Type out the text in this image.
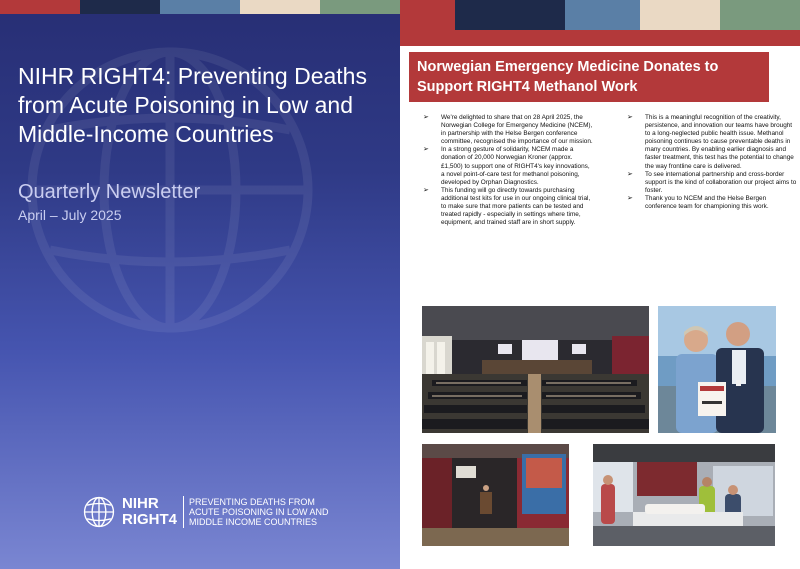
NIHR RIGHT4: Preventing Deaths from Acute Poisoning in Low and Middle-Income Countries
Quarterly Newsletter
April – July 2025
NIHR
RIGHT4
PREVENTING DEATHS FROM
ACUTE POISONING IN LOW AND
MIDDLE INCOME COUNTRIES
Norwegian Emergency Medicine Donates to Support RIGHT4 Methanol Work

➢ We're delighted to share that on 28 April 2025, the Norwegian College for Emergency Medicine (NCEM), in partnership with the Helse Bergen conference committee, recognised the importance of our mission.

➢ In a strong gesture of solidarity, NCEM made a donation of 20,000 Norwegian Kroner (approx. £1,500) to support one of RIGHT4's key innovations, a novel point-of-care test for methanol poisoning, developed by Orphan Diagnostics.

➢ This funding will go directly towards purchasing additional test kits for use in our ongoing clinical trial, to make sure that more patients can be tested and treated rapidly - especially in settings where time, equipment, and trained staff are in short supply.

➢ This is a meaningful recognition of the creativity, persistence, and innovation our teams have brought to a long-neglected public health issue. Methanol poisoning continues to cause preventable deaths in many countries. By enabling earlier diagnosis and faster treatment, this test has the potential to change the way frontline care is delivered.

➢ To see international partnership and cross-border support is the kind of collaboration our project aims to foster.

➢ Thank you to NCEM and the Helse Bergen conference team for championing this work.
